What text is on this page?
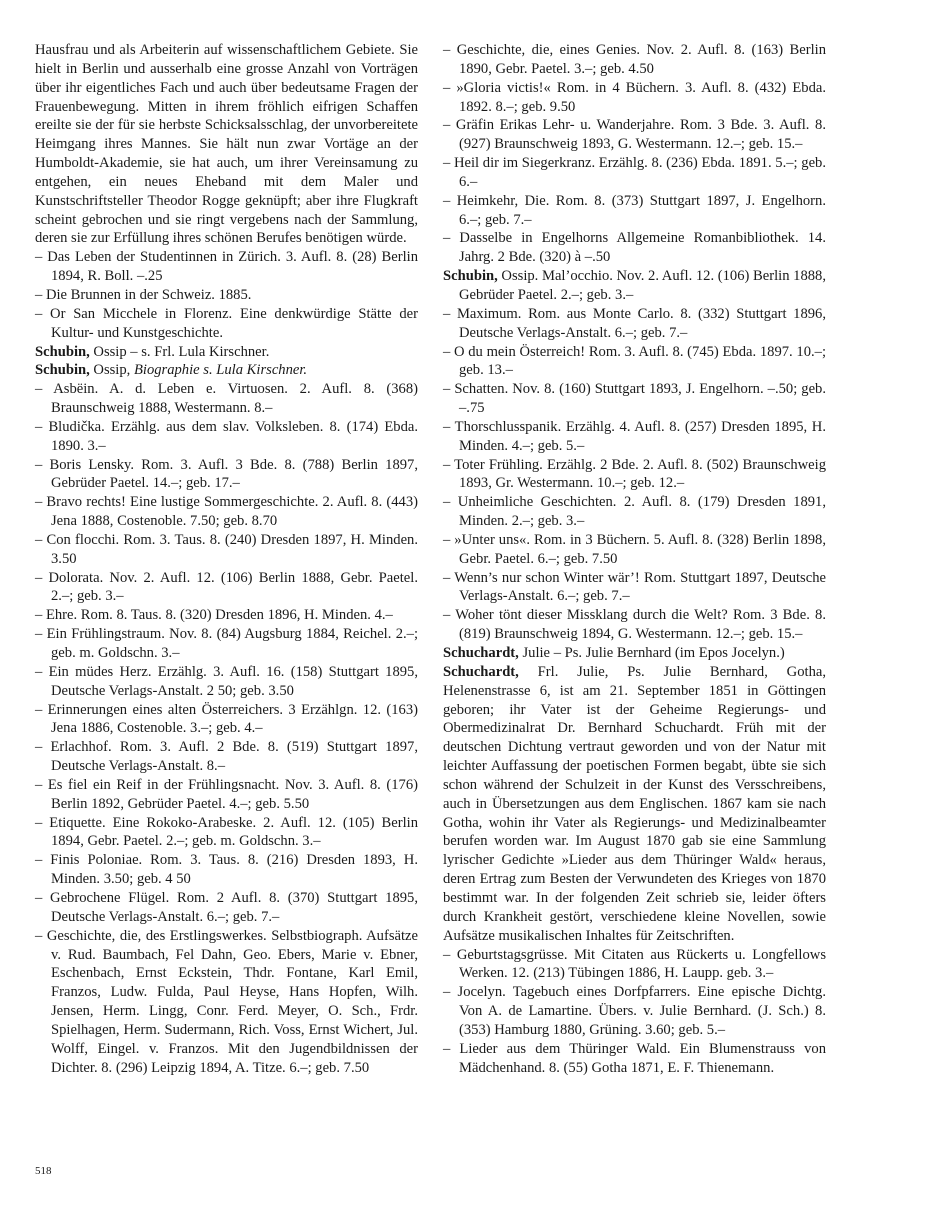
Hausfrau und als Arbeiterin auf wissenschaftlichem Gebiete. Sie hielt in Berlin und ausserhalb eine grosse Anzahl von Vorträgen über ihr eigentliches Fach und auch über bedeutsame Fragen der Frauenbewegung. Mitten in ihrem fröhlich eifrigen Schaffen ereilte sie der für sie herbste Schicksalsschlag, der unvorbereitete Heimgang ihres Mannes. Sie hält nun zwar Vortäge an der Humboldt-Akademie, sie hat auch, um ihrer Vereinsamung zu entgehen, ein neues Eheband mit dem Maler und Kunstschriftsteller Theodor Rogge geknüpft; aber ihre Flugkraft scheint gebrochen und sie ringt vergebens nach der Sammlung, deren sie zur Erfüllung ihres schönen Berufes benötigen würde.

– Das Leben der Studentinnen in Zürich. 3. Aufl. 8. (28) Berlin 1894, R. Boll. –.25

– Die Brunnen in der Schweiz. 1885.

– Or San Micchele in Florenz. Eine denkwürdige Stätte der Kultur- und Kunstgeschichte.

Schubin, Ossip – s. Frl. Lula Kirschner.

Schubin, Ossip, Biographie s. Lula Kirschner.

– Asbëin. A. d. Leben e. Virtuosen. 2. Aufl. 8. (368) Braunschweig 1888, Westermann. 8.–

– Bludička. Erzählg. aus dem slav. Volksleben. 8. (174) Ebda. 1890. 3.–

– Boris Lensky. Rom. 3. Aufl. 3 Bde. 8. (788) Berlin 1897, Gebrüder Paetel. 14.–; geb. 17.–

– Bravo rechts! Eine lustige Sommergeschichte. 2. Aufl. 8. (443) Jena 1888, Costenoble. 7.50; geb. 8.70

– Con flocchi. Rom. 3. Taus. 8. (240) Dresden 1897, H. Minden. 3.50

– Dolorata. Nov. 2. Aufl. 12. (106) Berlin 1888, Gebr. Paetel. 2.–; geb. 3.–

– Ehre. Rom. 8. Taus. 8. (320) Dresden 1896, H. Minden. 4.–

– Ein Frühlingstraum. Nov. 8. (84) Augsburg 1884, Reichel. 2.–; geb. m. Goldschn. 3.–

– Ein müdes Herz. Erzählg. 3. Aufl. 16. (158) Stuttgart 1895, Deutsche Verlags-Anstalt. 2 50; geb. 3.50

– Erinnerungen eines alten Österreichers. 3 Erzählgn. 12. (163) Jena 1886, Costenoble. 3.–; geb. 4.–

– Erlachhof. Rom. 3. Aufl. 2 Bde. 8. (519) Stuttgart 1897, Deutsche Verlags-Anstalt. 8.–

– Es fiel ein Reif in der Frühlingsnacht. Nov. 3. Aufl. 8. (176) Berlin 1892, Gebrüder Paetel. 4.–; geb. 5.50

– Etiquette. Eine Rokoko-Arabeske. 2. Aufl. 12. (105) Berlin 1894, Gebr. Paetel. 2.–; geb. m. Goldschn. 3.–

– Finis Poloniae. Rom. 3. Taus. 8. (216) Dresden 1893, H. Minden. 3.50; geb. 4 50

– Gebrochene Flügel. Rom. 2 Aufl. 8. (370) Stuttgart 1895, Deutsche Verlags-Anstalt. 6.–; geb. 7.–

– Geschichte, die, des Erstlingswerkes. Selbstbiograph. Aufsätze v. Rud. Baumbach, Fel Dahn, Geo. Ebers, Marie v. Ebner, Eschenbach, Ernst Eckstein, Thdr. Fontane, Karl Emil, Franzos, Ludw. Fulda, Paul Heyse, Hans Hopfen, Wilh. Jensen, Herm. Lingg, Conr. Ferd. Meyer, O. Sch., Frdr. Spielhagen, Herm. Sudermann, Rich. Voss, Ernst Wichert, Jul. Wolff, Eingel. v. Franzos. Mit den Jugendbildnissen der Dichter. 8. (296) Leipzig 1894, A. Titze. 6.–; geb. 7.50

– Geschichte, die, eines Genies. Nov. 2. Aufl. 8. (163) Berlin 1890, Gebr. Paetel. 3.–; geb. 4.50

– »Gloria victis!« Rom. in 4 Büchern. 3. Aufl. 8. (432) Ebda. 1892. 8.–; geb. 9.50

– Gräfin Erikas Lehr- u. Wanderjahre. Rom. 3 Bde. 3. Aufl. 8. (927) Braunschweig 1893, G. Westermann. 12.–; geb. 15.–

– Heil dir im Siegerkranz. Erzählg. 8. (236) Ebda. 1891. 5.–; geb. 6.–

– Heimkehr, Die. Rom. 8. (373) Stuttgart 1897, J. Engelhorn. 6.–; geb. 7.–

– Dasselbe in Engelhorns Allgemeine Romanbibliothek. 14. Jahrg. 2 Bde. (320) à –.50

Schubin, Ossip. Mal’occhio. Nov. 2. Aufl. 12. (106) Berlin 1888, Gebrüder Paetel. 2.–; geb. 3.–

– Maximum. Rom. aus Monte Carlo. 8. (332) Stuttgart 1896, Deutsche Verlags-Anstalt. 6.–; geb. 7.–

– O du mein Österreich! Rom. 3. Aufl. 8. (745) Ebda. 1897. 10.–; geb. 13.–

– Schatten. Nov. 8. (160) Stuttgart 1893, J. Engelhorn. –.50; geb. –.75

– Thorschlusspanik. Erzählg. 4. Aufl. 8. (257) Dresden 1895, H. Minden. 4.–; geb. 5.–

– Toter Frühling. Erzählg. 2 Bde. 2. Aufl. 8. (502) Braunschweig 1893, Gr. Westermann. 10.–; geb. 12.–

– Unheimliche Geschichten. 2. Aufl. 8. (179) Dresden 1891, Minden. 2.–; geb. 3.–

– »Unter uns«. Rom. in 3 Büchern. 5. Aufl. 8. (328) Berlin 1898, Gebr. Paetel. 6.–; geb. 7.50

– Wenn’s nur schon Winter wär’! Rom. Stuttgart 1897, Deutsche Verlags-Anstalt. 6.–; geb. 7.–

– Woher tönt dieser Missklang durch die Welt? Rom. 3 Bde. 8. (819) Braunschweig 1894, G. Westermann. 12.–; geb. 15.–

Schuchardt, Julie – Ps. Julie Bernhard (im Epos Jocelyn.)

Schuchardt, Frl. Julie, Ps. Julie Bernhard, Gotha, Helenenstrasse 6, ist am 21. September 1851 in Göttingen geboren; ihr Vater ist der Geheime Regierungs- und Obermedizinalrat Dr. Bernhard Schuchardt. Früh mit der deutschen Dichtung vertraut geworden und von der Natur mit leichter Auffassung der poetischen Formen begabt, übte sie sich schon während der Schulzeit in der Kunst des Versschreibens, auch in Übersetzungen aus dem Englischen. 1867 kam sie nach Gotha, wohin ihr Vater als Regierungs- und Medizinalbeamter berufen worden war. Im August 1870 gab sie eine Sammlung lyrischer Gedichte »Lieder aus dem Thüringer Wald« heraus, deren Ertrag zum Besten der Verwundeten des Krieges von 1870 bestimmt war. In der folgenden Zeit schrieb sie, leider öfters durch Krankheit gestört, verschiedene kleine Novellen, sowie Aufsätze musikalischen Inhaltes für Zeitschriften.

– Geburtstagsgrüsse. Mit Citaten aus Rückerts u. Longfellows Werken. 12. (213) Tübingen 1886, H. Laupp. geb. 3.–

– Jocelyn. Tagebuch eines Dorfpfarrers. Eine epische Dichtg. Von A. de Lamartine. Übers. v. Julie Bernhard. (J. Sch.) 8. (353) Hamburg 1880, Grüning. 3.60; geb. 5.–

– Lieder aus dem Thüringer Wald. Ein Blumenstrauss von Mädchenhand. 8. (55) Gotha 1871, E. F. Thienemann.

518
